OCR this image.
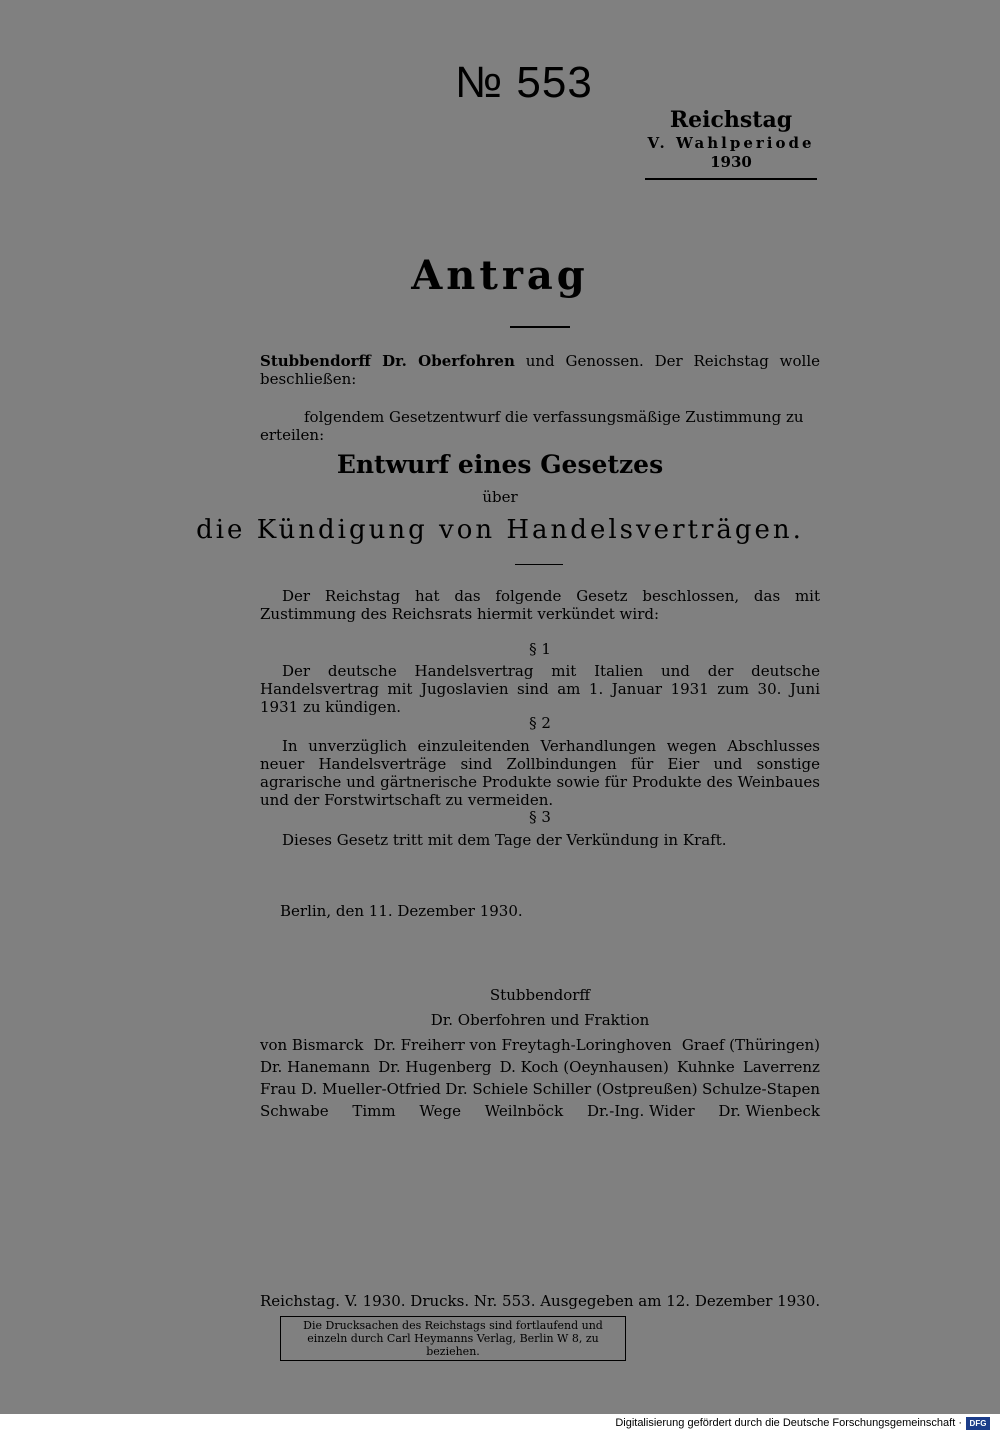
№ 553
Reichstag
V. Wahlperiode
1930
Antrag
Stubbendorff Dr. Oberfohren und Genossen. Der Reichstag wolle beschließen:
folgendem Gesetzentwurf die verfassungsmäßige Zustimmung zu erteilen:
Entwurf eines Gesetzes
über
die Kündigung von Handelsverträgen.
Der Reichstag hat das folgende Gesetz beschlossen, das mit Zustimmung des Reichsrats hiermit verkündet wird:
§ 1
Der deutsche Handelsvertrag mit Italien und der deutsche Handelsvertrag mit Jugoslavien sind am 1. Januar 1931 zum 30. Juni 1931 zu kündigen.
§ 2
In unverzüglich einzuleitenden Verhandlungen wegen Abschlusses neuer Handelsverträge sind Zollbindungen für Eier und sonstige agrarische und gärtnerische Produkte sowie für Produkte des Weinbaues und der Forstwirtschaft zu vermeiden.
§ 3
Dieses Gesetz tritt mit dem Tage der Verkündung in Kraft.
Berlin, den 11. Dezember 1930.
Stubbendorff
Dr. Oberfohren und Fraktion
von Bismarck Dr. Freiherr von Freytagh-Loringhoven Graef (Thüringen)
Dr. Hanemann Dr. Hugenberg D. Koch (Oeynhausen) Kuhnke Laverrenz
Frau D. Mueller-Otfried Dr. Schiele Schiller (Ostpreußen) Schulze-Stapen
Schwabe Timm Wege Weilnböck Dr.-Ing. Wider Dr. Wienbeck
Reichstag. V. 1930. Drucks. Nr. 553. Ausgegeben am 12. Dezember 1930.
Die Drucksachen des Reichstags sind fortlaufend und einzeln durch Carl Heymanns Verlag, Berlin W 8, zu beziehen.
Digitalisierung gefördert durch die Deutsche Forschungsgemeinschaft · DFG
